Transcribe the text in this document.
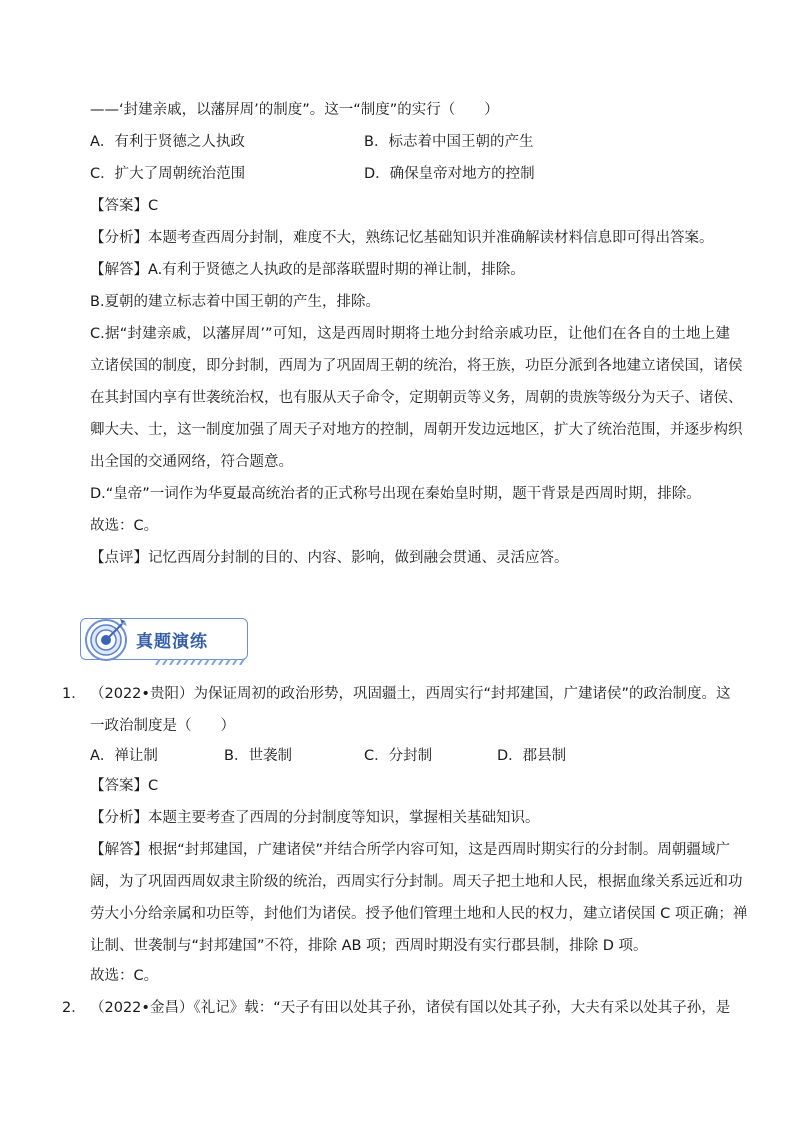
——‘封建亲戚，以藩屏周’的制度”。这一“制度”的实行（　　）
A．有利于贤德之人执政	B．标志着中国王朝的产生
C．扩大了周朝统治范围	D．确保皇帝对地方的控制
【答案】C
【分析】本题考查西周分封制，难度不大，熟练记忆基础知识并准确解读材料信息即可得出答案。
【解答】A.有利于贤德之人执政的是部落联盟时期的禅让制，排除。
B.夏朝的建立标志着中国王朝的产生，排除。
C.据“封建亲戚，以藩屏周’”可知，这是西周时期将土地分封给亲戚功臣，让他们在各自的土地上建
立诸侯国的制度，即分封制，西周为了巩固周王朝的统治，将王族，功臣分派到各地建立诸侯国，诸侯
在其封国内享有世袭统治权，也有服从天子命令，定期朝贡等义务，周朝的贵族等级分为天子、诸侯、
卿大夫、士，这一制度加强了周天子对地方的控制，周朝开发边远地区，扩大了统治范围，并逐步构织
出全国的交通网络，符合题意。
D.“皇帝”一词作为华夏最高统治者的正式称号出现在秦始皇时期，题干背景是西周时期，排除。
故选：C。
【点评】记忆西周分封制的目的、内容、影响，做到融会贯通、灵活应答。
真题演练
1． （2022•贵阳）为保证周初的政治形势，巩固疆土，西周实行“封邦建国，广建诸侯”的政治制度。这
一政治制度是（　　）
A．禅让制	B．世袭制	C．分封制	D．郡县制
【答案】C
【分析】本题主要考查了西周的分封制度等知识，掌握相关基础知识。
【解答】根据“封邦建国，广建诸侯”并结合所学内容可知，这是西周时期实行的分封制。周朝疆域广
阔，为了巩固西周奴隶主阶级的统治，西周实行分封制。周天子把土地和人民，根据血缘关系远近和功
劳大小分给亲属和功臣等，封他们为诸侯。授予他们管理土地和人民的权力，建立诸侯国 C 项正确；禅
让制、世袭制与“封邦建国”不符，排除 AB 项；西周时期没有实行郡县制，排除 D 项。
故选：C。
2． （2022•金昌）《礼记》载：“天子有田以处其子孙，诸侯有国以处其子孙，大夫有采以处其子孙，是
